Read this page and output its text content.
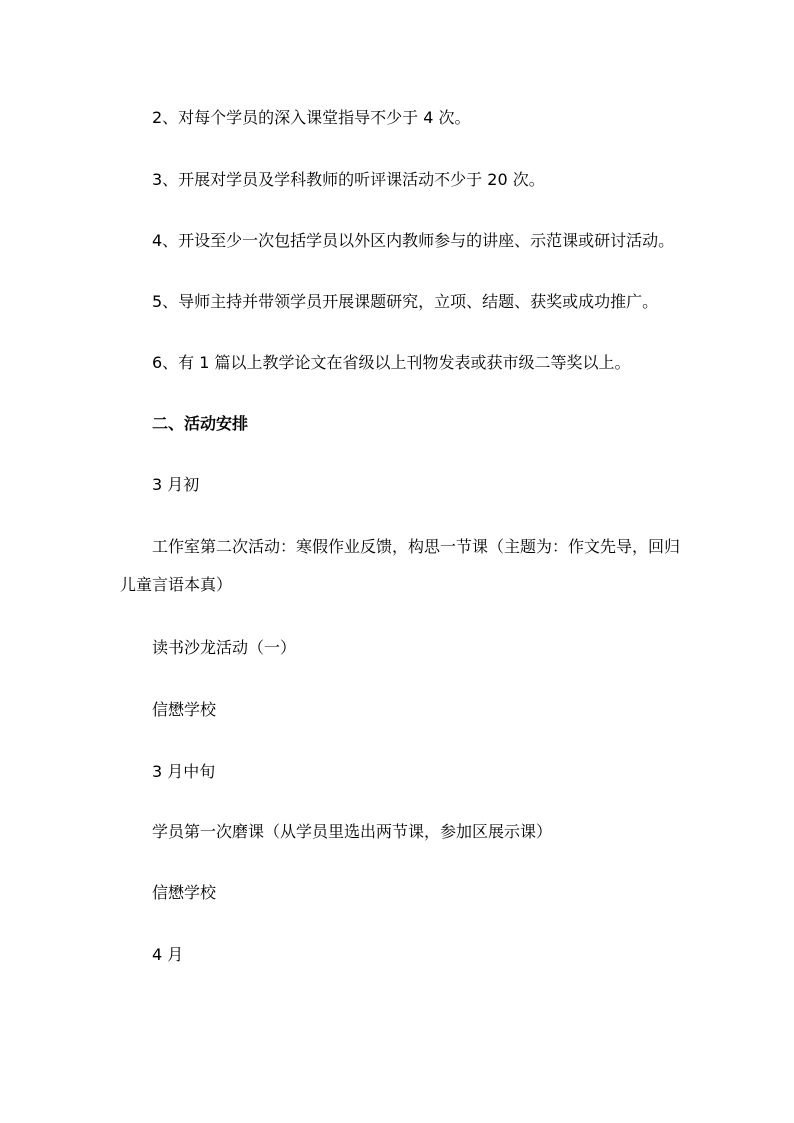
2、对每个学员的深入课堂指导不少于 4 次。

3、开展对学员及学科教师的听评课活动不少于 20 次。

4、开设至少一次包括学员以外区内教师参与的讲座、示范课或研讨活动。

5、导师主持并带领学员开展课题研究，立项、结题、获奖或成功推广。

6、有 1 篇以上教学论文在省级以上刊物发表或获市级二等奖以上。

二、活动安排

3 月初

工作室第二次活动：寒假作业反馈，构思一节课（主题为：作文先导，回归儿童言语本真）

读书沙龙活动（一）

信懋学校

3 月中旬

学员第一次磨课（从学员里选出两节课，参加区展示课）

信懋学校

4 月
